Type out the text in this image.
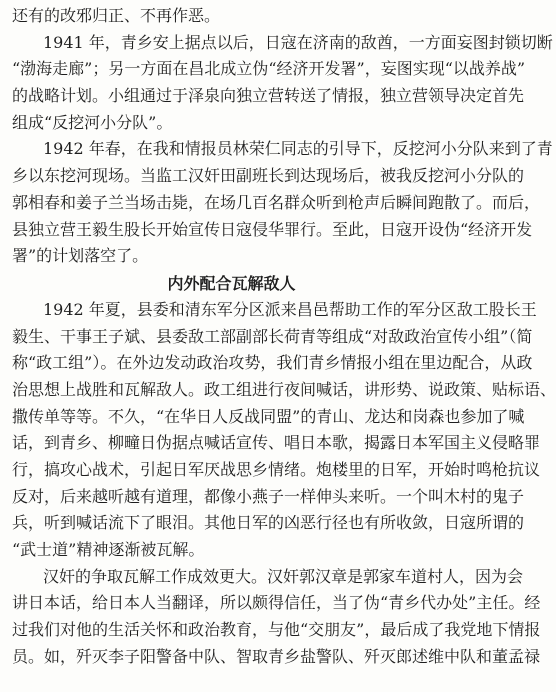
还有的改邪归正、不再作恶。
1941 年，青乡安上据点以后，日寇在济南的敌酋，一方面妄图封锁切断
“渤海走廊”；另一方面在昌北成立伪“经济开发署”，妄图实现“以战养战”
的战略计划。小组通过于泽泉向独立营转送了情报，独立营领导决定首先
组成“反挖河小分队”。
1942 年春，在我和情报员林荣仁同志的引导下，反挖河小分队来到了青
乡以东挖河现场。当监工汉奸田副班长到达现场后，被我反挖河小分队的
郭相春和姜子兰当场击毙，在场几百名群众听到枪声后瞬间跑散了。而后，
县独立营王毅生股长开始宣传日寇侵华罪行。至此，日寇开设伪“经济开发
署”的计划落空了。
内外配合瓦解敌人
1942 年夏，县委和清东军分区派来昌邑帮助工作的军分区敌工股长王
毅生、干事王子斌、县委敌工部副部长荷青等组成“对敌政治宣传小组”（简
称“政工组”）。在外边发动政治攻势，我们青乡情报小组在里边配合，从政
治思想上战胜和瓦解敌人。政工组进行夜间喊话，讲形势、说政策、贴标语、
撒传单等等。不久，“在华日人反战同盟”的青山、龙达和岗森也参加了喊
话，到青乡、柳疃日伪据点喊话宣传、唱日本歌，揭露日本军国主义侵略罪
行，搞攻心战术，引起日军厌战思乡情绪。炮楼里的日军，开始时鸣枪抗议
反对，后来越听越有道理，都像小燕子一样伸头来听。一个叫木村的鬼子
兵，听到喊话流下了眼泪。其他日军的凶恶行径也有所收敛，日寇所谓的
“武士道”精神逐渐被瓦解。
汉奸的争取瓦解工作成效更大。汉奸郭汉章是郭家车道村人，因为会
讲日本话，给日本人当翻译，所以颇得信任，当了伪“青乡代办处”主任。经
过我们对他的生活关怀和政治教育，与他“交朋友”，最后成了我党地下情报
员。如，歼灭李子阳警备中队、智取青乡盐警队、歼灭郎述维中队和董孟禄
